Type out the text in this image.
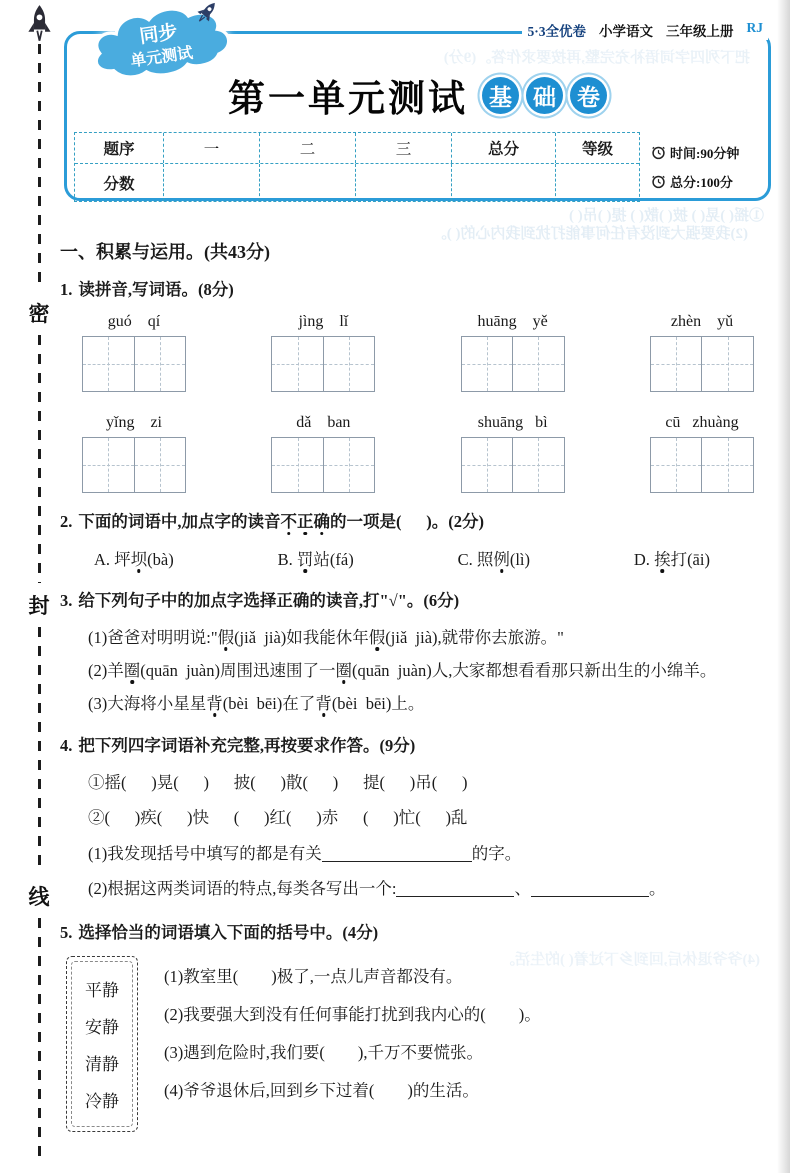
把下列四字词语补充完整,再按要求作答。(9分)
①摇( )晃( ) 披( )散( ) 提( )吊( )
(2)我要强大到没有任何事能打扰到我内心的( )。
(4)爷爷退休后,回到乡下过着( )的生活。
密
封
线
5·3全优卷 小学语文 三年级上册 RJ
同步
单元测试
第一单元测试 基 础 卷
题序	一	二	三	总分	等级
分数
时间:90分钟
总分:100分
一、积累与运用。(共43分)
1. 读拼音,写词语。(8分)
guó    qí	jìng    lǐ	huāng    yě	zhèn    yǔ
yǐng    zi	dǎ    ban	shuāng   bì	cū   zhuàng
2. 下面的词语中,加点字的读音不正确的一项是(      )。(2分)
A. 坪坝(bà)	B. 罚站(fá)	C. 照例(lì)	D. 挨打(āi)
3. 给下列句子中的加点字选择正确的读音,打"√"。(6分)
(1)爸爸对明明说:"假(jiǎ  jià)如我能休年假(jiǎ  jià),就带你去旅游。"
(2)羊圈(quān  juàn)周围迅速围了一圈(quān  juàn)人,大家都想看看那只新出生的小绵羊。
(3)大海将小星星背(bèi  bēi)在了背(bèi  bēi)上。
4. 把下列四字词语补充完整,再按要求作答。(9分)
①摇(      )晃(      )      披(      )散(      )      提(      )吊(      )
②(      )疾(      )快      (      )红(      )赤      (      )忙(      )乱
(1)我发现括号中填写的都是有关	的字。
(2)根据这两类词语的特点,每类各写出一个:	、	。
5. 选择恰当的词语填入下面的括号中。(4分)
平静
安静
清静
冷静
(1)教室里(        )极了,一点儿声音都没有。
(2)我要强大到没有任何事能打扰到我内心的(        )。
(3)遇到危险时,我们要(        ),千万不要慌张。
(4)爷爷退休后,回到乡下过着(        )的生活。
